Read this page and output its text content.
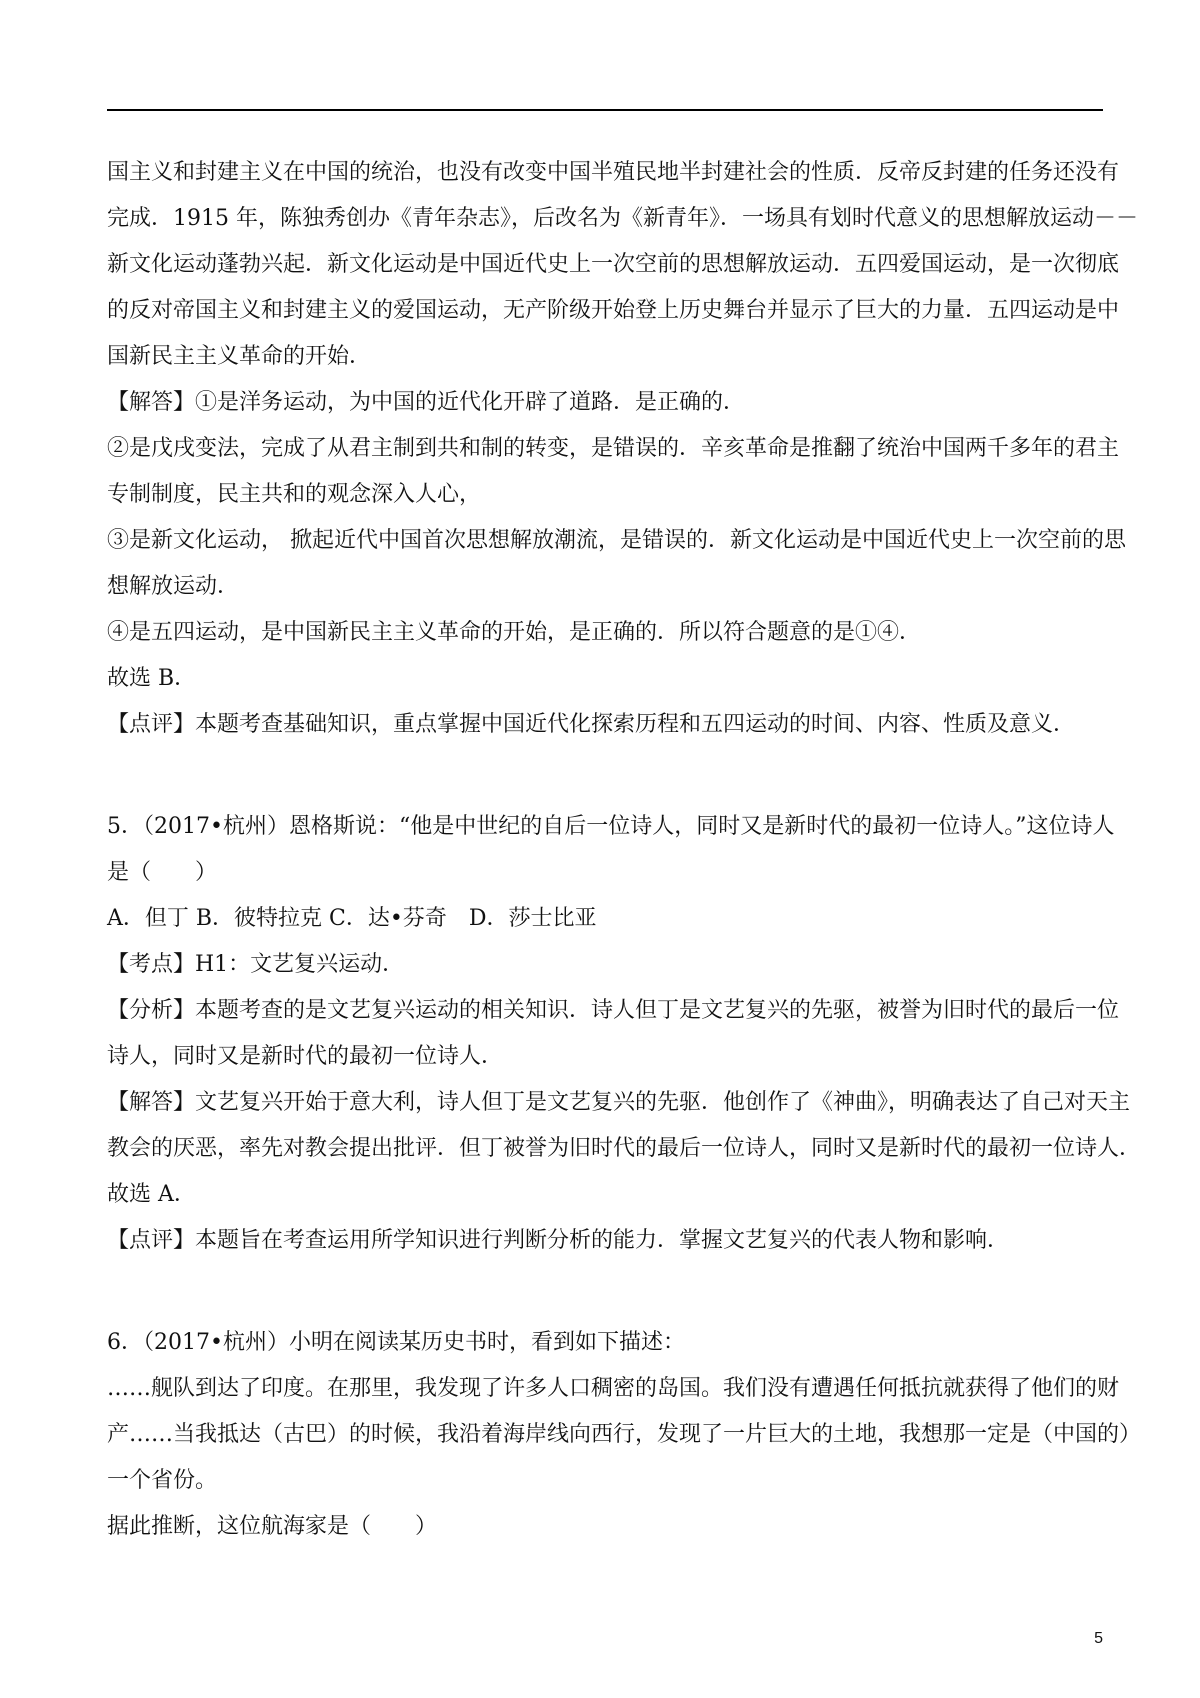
国主义和封建主义在中国的统治，也没有改变中国半殖民地半封建社会的性质．反帝反封建的任务还没有
完成．1915 年，陈独秀创办《青年杂志》，后改名为《新青年》．一场具有划时代意义的思想解放运动－－
新文化运动蓬勃兴起．新文化运动是中国近代史上一次空前的思想解放运动．五四爱国运动，是一次彻底
的反对帝国主义和封建主义的爱国运动，无产阶级开始登上历史舞台并显示了巨大的力量．五四运动是中
国新民主主义革命的开始．
【解答】①是洋务运动，为中国的近代化开辟了道路．是正确的．
②是戊戌变法，完成了从君主制到共和制的转变，是错误的．辛亥革命是推翻了统治中国两千多年的君主
专制制度，民主共和的观念深入人心，
③是新文化运动， 掀起近代中国首次思想解放潮流，是错误的．新文化运动是中国近代史上一次空前的思
想解放运动．
④是五四运动，是中国新民主主义革命的开始，是正确的．所以符合题意的是①④．
故选 B．
【点评】本题考查基础知识，重点掌握中国近代化探索历程和五四运动的时间、内容、性质及意义．
5．（2017•杭州）恩格斯说：“他是中世纪的自后一位诗人，同时又是新时代的最初一位诗人。”这位诗人
是（　　）
A．但丁 B．彼特拉克 C．达•芬奇　D．莎士比亚
【考点】H1：文艺复兴运动．
【分析】本题考查的是文艺复兴运动的相关知识．诗人但丁是文艺复兴的先驱，被誉为旧时代的最后一位
诗人，同时又是新时代的最初一位诗人．
【解答】文艺复兴开始于意大利，诗人但丁是文艺复兴的先驱．他创作了《神曲》，明确表达了自己对天主
教会的厌恶，率先对教会提出批评．但丁被誉为旧时代的最后一位诗人，同时又是新时代的最初一位诗人．
故选 A．
【点评】本题旨在考查运用所学知识进行判断分析的能力．掌握文艺复兴的代表人物和影响．
6．（2017•杭州）小明在阅读某历史书时，看到如下描述：
……舰队到达了印度。在那里，我发现了许多人口稠密的岛国。我们没有遭遇任何抵抗就获得了他们的财
产……当我抵达（古巴）的时候，我沿着海岸线向西行，发现了一片巨大的土地，我想那一定是（中国的）
一个省份。
据此推断，这位航海家是（　　）
5
